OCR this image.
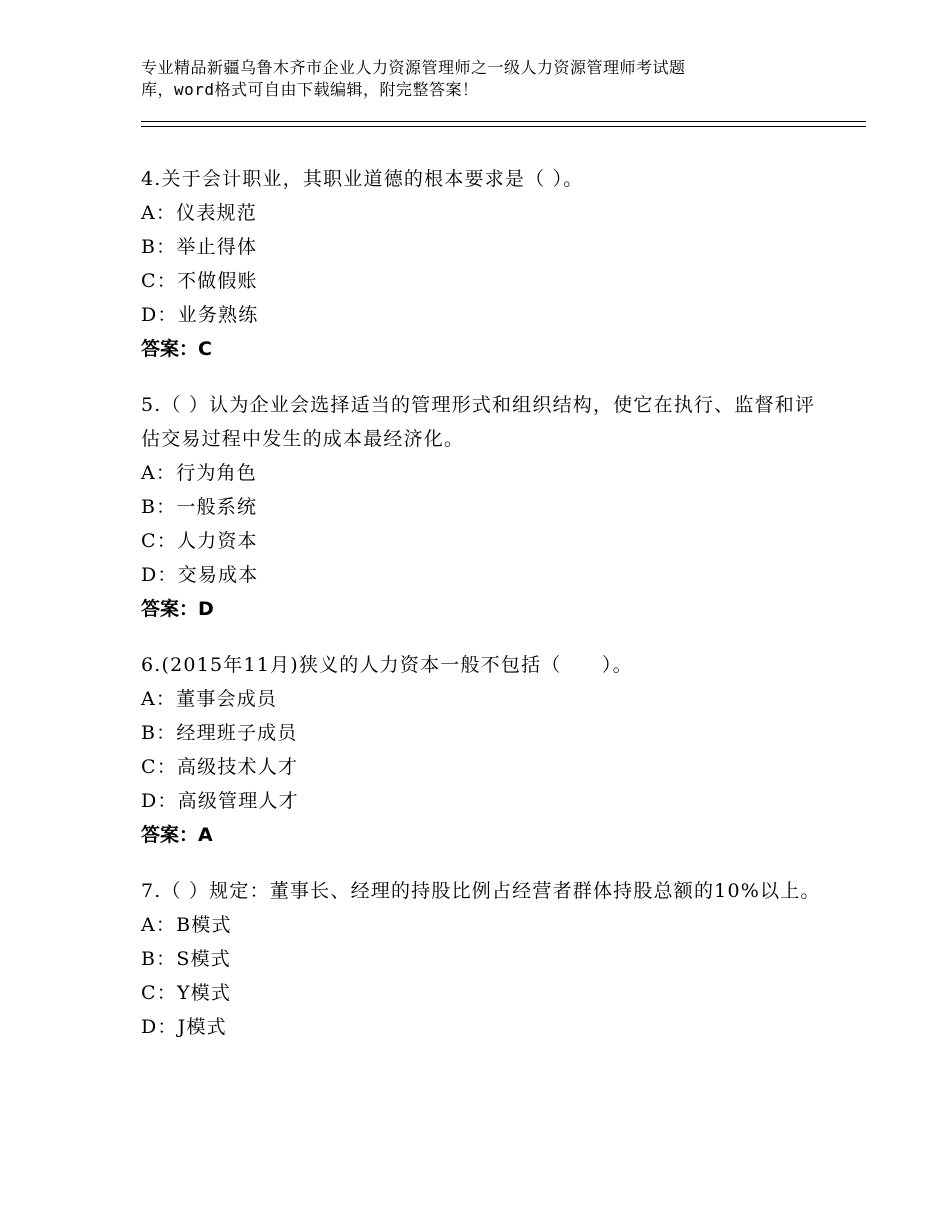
专业精品新疆乌鲁木齐市企业人力资源管理师之一级人力资源管理师考试题
库，word格式可自由下载编辑，附完整答案！
4.关于会计职业，其职业道德的根本要求是（ ）。
A：仪表规范
B：举止得体
C：不做假账
D：业务熟练
答案：C
5.（ ）认为企业会选择适当的管理形式和组织结构，使它在执行、监督和评估交易过程中发生的成本最经济化。
A：行为角色
B：一般系统
C：人力资本
D：交易成本
答案：D
6.(2015年11月)狭义的人力资本一般不包括（　　）。
A：董事会成员
B：经理班子成员
C：高级技术人才
D：高级管理人才
答案：A
7.（ ）规定：董事长、经理的持股比例占经营者群体持股总额的10%以上。
A：B模式
B：S模式
C：Y模式
D：J模式
